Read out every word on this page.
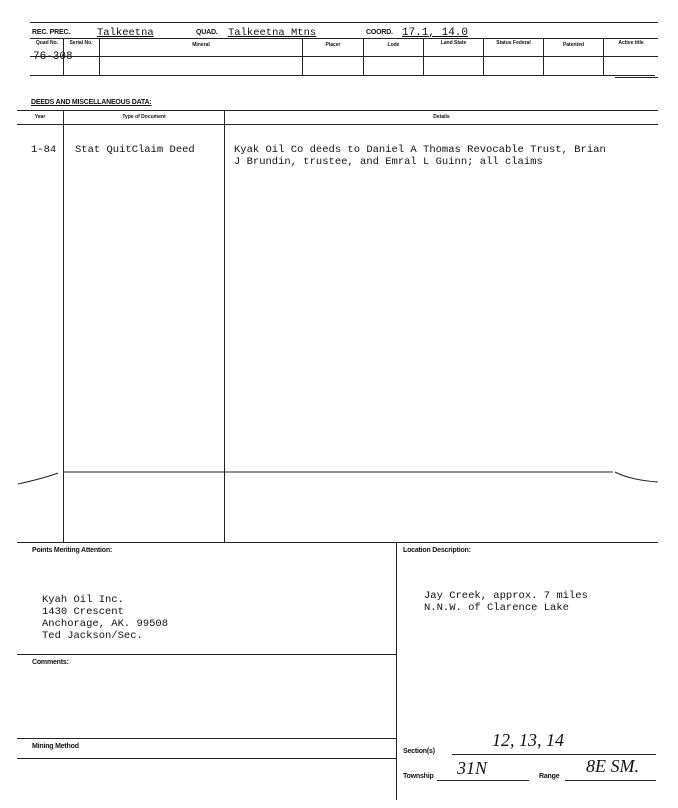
REC. PREC.	Talkeetna	QUAD. Talkeetna Mtns	COORD. 17.1, 14.0
Quad No.	Serial No.	Mineral	Placer	Lode	Land State	Status Federal	Patented	Active title
76-308
DEEDS AND MISCELLANEOUS DATA:
Year	Type of Document	Details
1-84 Stat QuitClaim Deed	Kyak Oil Co deeds to Daniel A Thomas Revocable Trust, Brian
J Brundin, trustee, and Emral L Guinn; all claims
Points Meriting Attention:
Kyah Oil Inc.
1430 Crescent
Anchorage, AK. 99508
Ted Jackson/Sec.
Location Description:
Jay Creek, approx. 7 miles
N.N.W. of Clarence Lake
Comments:
Mining Method
Section(s)
12, 13, 14
Township 31N	Range
8E SM.
